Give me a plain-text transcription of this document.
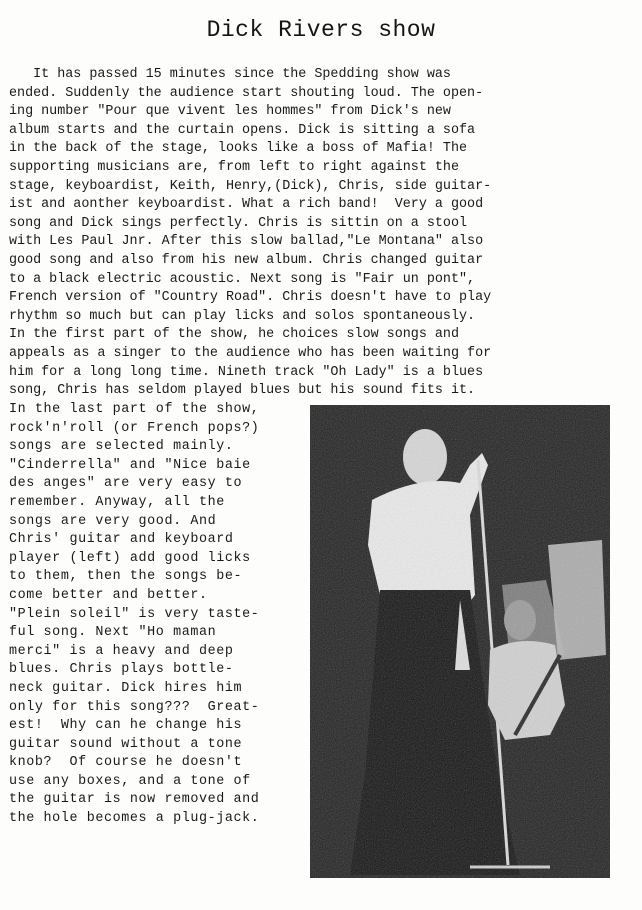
Dick Rivers show
It has passed 15 minutes since the Spedding show was
ended. Suddenly the audience start shouting loud. The open-
ing number "Pour que vivent les hommes" from Dick's new
album starts and the curtain opens. Dick is sitting a sofa
in the back of the stage, looks like a boss of Mafia! The
supporting musicians are, from left to right against the
stage, keyboardist, Keith, Henry,(Dick), Chris, side guitar-
ist and aonther keyboardist. What a rich band!  Very a good
song and Dick sings perfectly. Chris is sittin on a stool
with Les Paul Jnr. After this slow ballad,"Le Montana" also
good song and also from his new album. Chris changed guitar
to a black electric acoustic. Next song is "Fair un pont",
French version of "Country Road". Chris doesn't have to play
rhythm so much but can play licks and solos spontaneously.
In the first part of the show, he choices slow songs and
appeals as a singer to the audience who has been waiting for
him for a long long time. Nineth track "Oh Lady" is a blues
song, Chris has seldom played blues but his sound fits it.
In the last part of the show,
rock'n'roll (or French pops?)
songs are selected mainly.
"Cinderrella" and "Nice baie
des anges" are very easy to
remember. Anyway, all the
songs are very good. And
Chris' guitar and keyboard
player (left) add good licks
to them, then the songs be-
come better and better.
"Plein soleil" is very taste-
ful song. Next "Ho maman
merci" is a heavy and deep
blues. Chris plays bottle-
neck guitar. Dick hires him
only for this song???  Great-
est!  Why can he change his
guitar sound without a tone
knob?  Of course he doesn't
use any boxes, and a tone of
the guitar is now removed and
the hole becomes a plug-jack.
